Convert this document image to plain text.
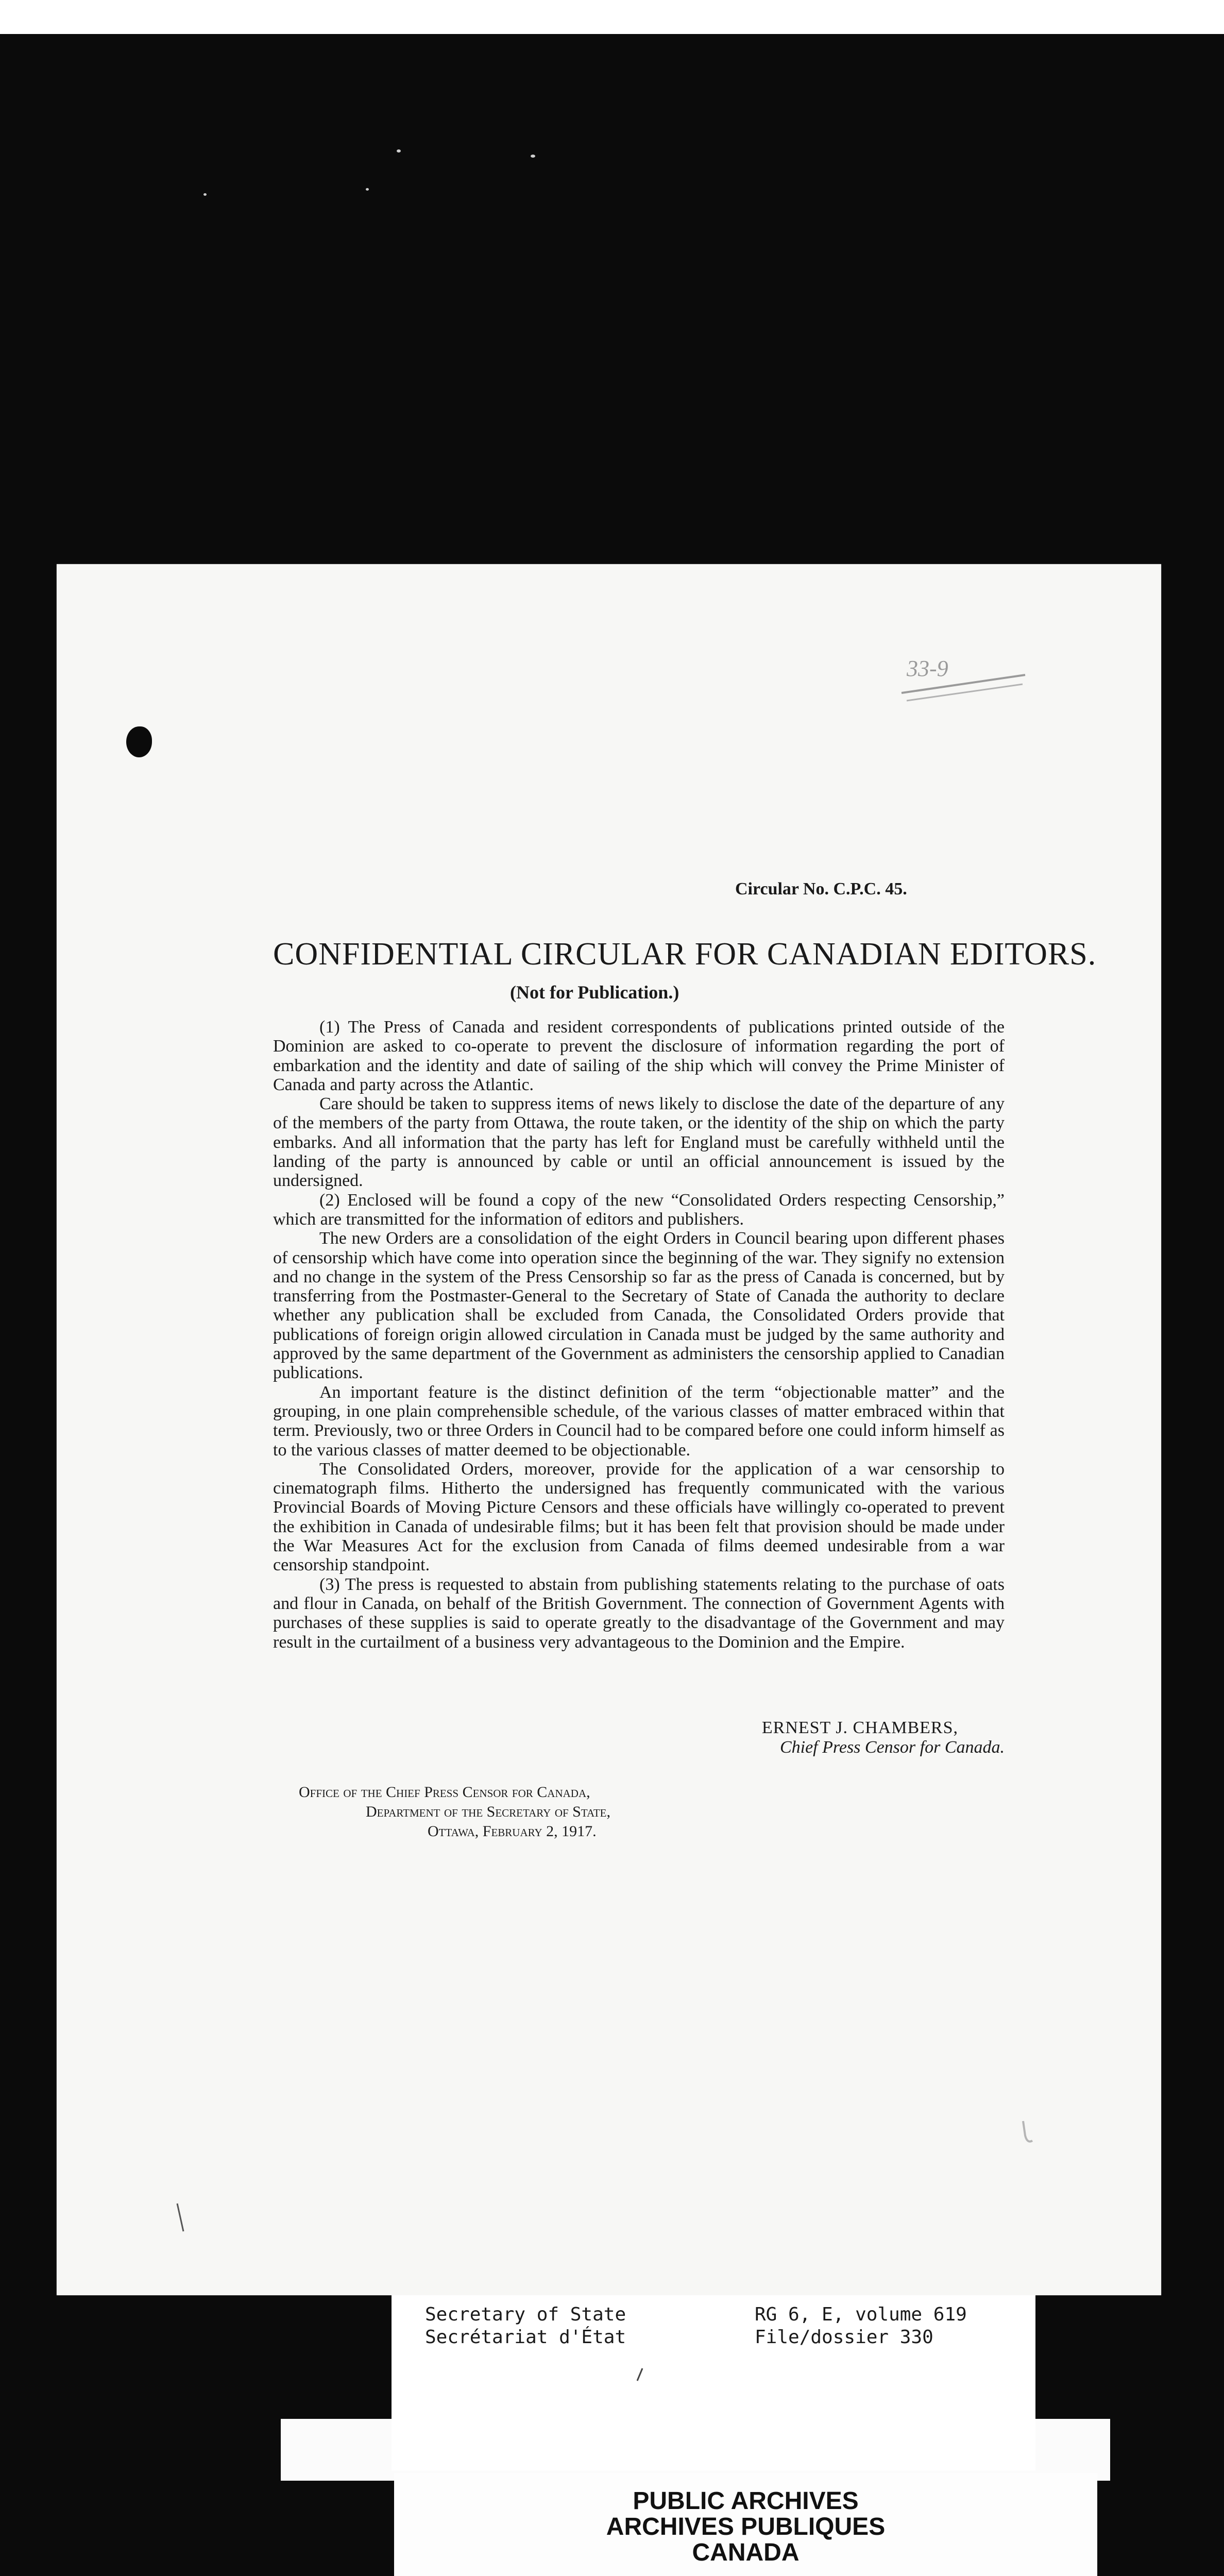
33-9
Circular No. C.P.C. 45.
CONFIDENTIAL CIRCULAR FOR CANADIAN EDITORS.
(Not for Publication.)

(1) The Press of Canada and resident correspondents of publications printed outside of the Dominion are asked to co-operate to prevent the disclosure of information regarding the port of embarkation and the identity and date of sailing of the ship which will convey the Prime Minister of Canada and party across the Atlantic.

Care should be taken to suppress items of news likely to disclose the date of the departure of any of the members of the party from Ottawa, the route taken, or the identity of the ship on which the party embarks. And all information that the party has left for England must be carefully withheld until the landing of the party is announced by cable or until an official announcement is issued by the undersigned.

(2) Enclosed will be found a copy of the new “Consolidated Orders respecting Censorship,” which are transmitted for the information of editors and publishers.

The new Orders are a consolidation of the eight Orders in Council bearing upon different phases of censorship which have come into operation since the beginning of the war. They signify no extension and no change in the system of the Press Censorship so far as the press of Canada is concerned, but by transferring from the Postmaster-General to the Secretary of State of Canada the authority to declare whether any publication shall be excluded from Canada, the Consolidated Orders provide that publications of foreign origin allowed circulation in Canada must be judged by the same authority and approved by the same department of the Government as administers the censorship applied to Canadian publications.

An important feature is the distinct definition of the term “objectionable matter” and the grouping, in one plain comprehensible schedule, of the various classes of matter embraced within that term. Previously, two or three Orders in Council had to be compared before one could inform himself as to the various classes of matter deemed to be objectionable.

The Consolidated Orders, moreover, provide for the application of a war censorship to cinematograph films. Hitherto the undersigned has frequently communicated with the various Provincial Boards of Moving Picture Censors and these officials have willingly co-operated to prevent the exhibition in Canada of undesirable films; but it has been felt that provision should be made under the War Measures Act for the exclusion from Canada of films deemed undesirable from a war censorship standpoint.

(3) The press is requested to abstain from publishing statements relating to the purchase of oats and flour in Canada, on behalf of the British Government. The connection of Government Agents with purchases of these supplies is said to operate greatly to the disadvantage of the Government and may result in the curtailment of a business very advantageous to the Dominion and the Empire.

ERNEST J. CHAMBERS,
Chief Press Censor for Canada.
Office of the Chief Press Censor for Canada,
Department of the Secretary of State,
Ottawa, February 2, 1917.
Secretary of State
Secrétariat d'État
RG 6, E, volume 619
File/dossier 330
PUBLIC ARCHIVES
ARCHIVES PUBLIQUES
CANADA
